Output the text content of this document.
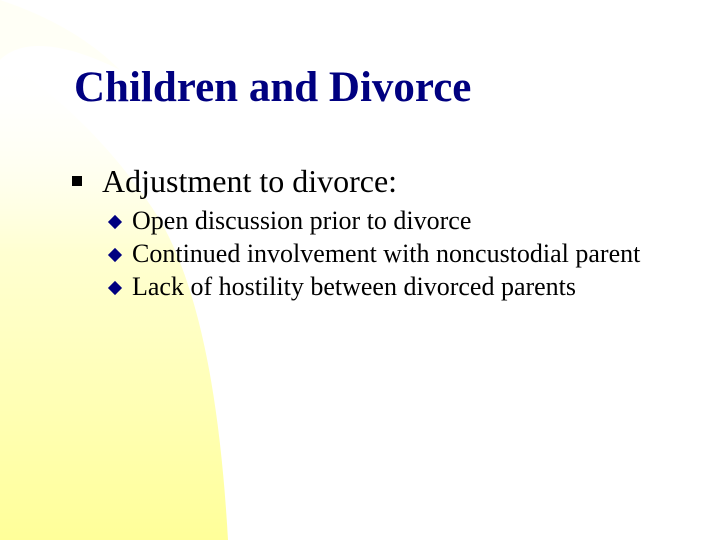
Children and Divorce
Adjustment to divorce:
Open discussion prior to divorce
Continued involvement with noncustodial parent
Lack of hostility between divorced parents
